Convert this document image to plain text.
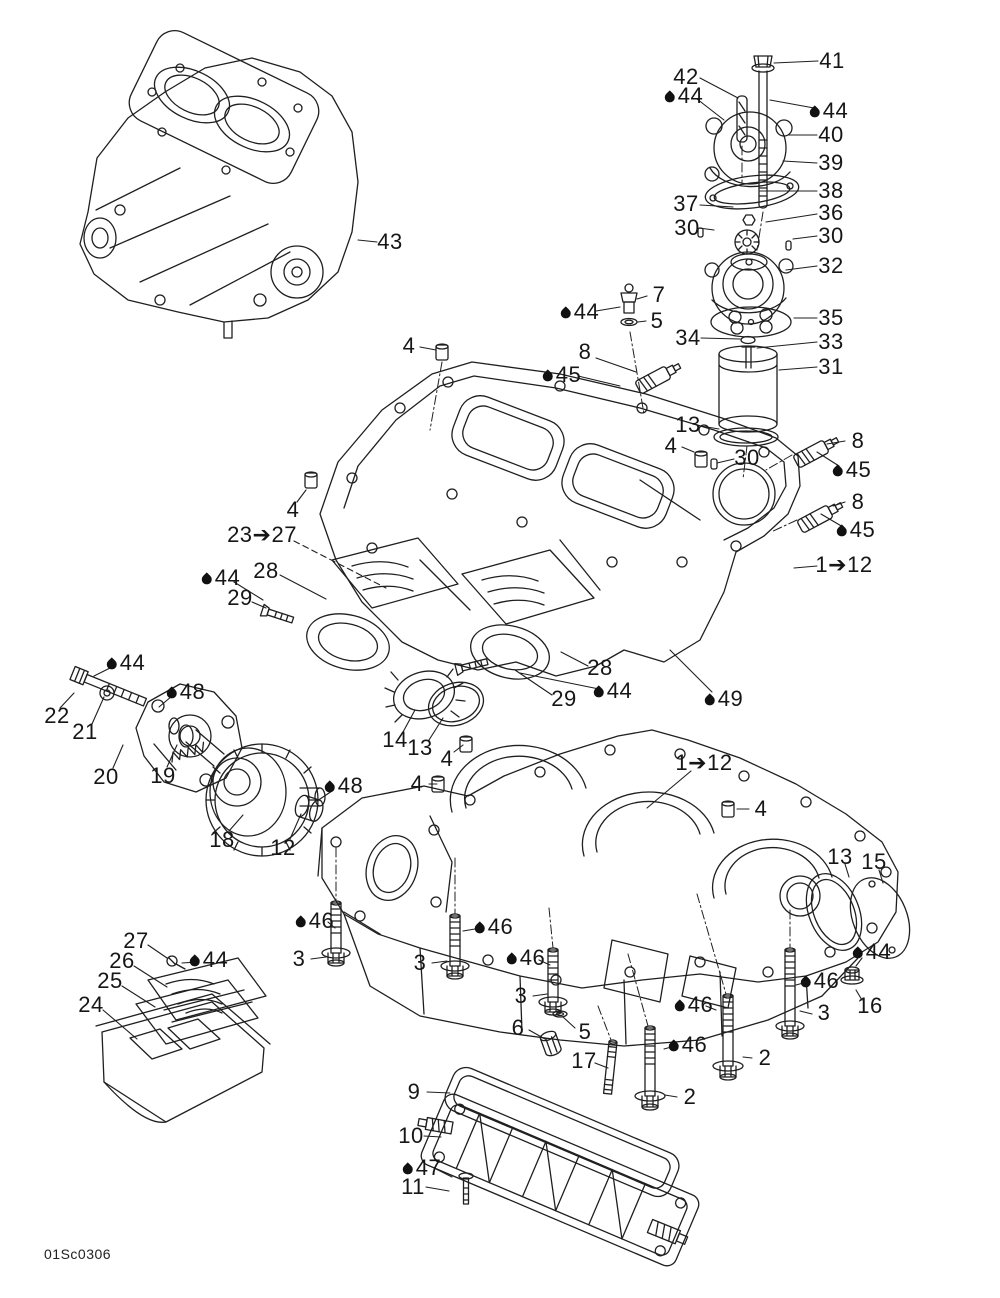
41
42
44
44
40
39
38
37	36
30	30
43
32
7
44	35
5
34	33
4	8
31
45
13
8
4	30	45
8
4
45
23➔27
1➔12
28
44
29
44	28
44
48	29	49
22
21	14 13 4	1➔12
19
20	4
48
4
18 12	13 15
46	46
27	44
46
3
26	44	3
25	46
3
24	46	16
3
6 5
46
2
17
9	2
10
47
11
01Sc0306
